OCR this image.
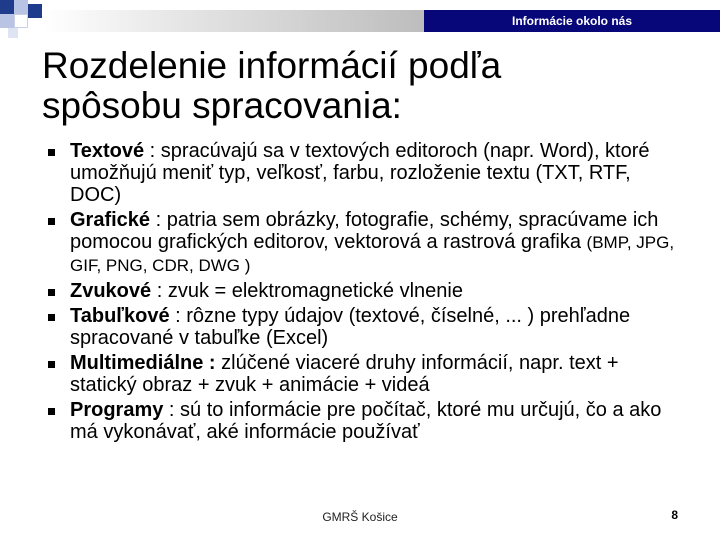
Informácie okolo nás
Rozdelenie informácií podľa
spôsobu spracovania:
Textové : spracúvajú sa v textových editoroch (napr. Word), ktoré umožňujú meniť typ, veľkosť, farbu, rozloženie textu (TXT, RTF, DOC)
Grafické : patria sem obrázky, fotografie, schémy, spracúvame ich pomocou grafických editorov, vektorová a rastrová grafika (BMP, JPG, GIF, PNG, CDR, DWG )
Zvukové : zvuk = elektromagnetické vlnenie
Tabuľkové : rôzne typy údajov (textové, číselné, ... ) prehľadne spracované v tabuľke (Excel)
Multimediálne : zlúčené viaceré druhy informácií, napr. text + statický obraz + zvuk + animácie + videá
Programy : sú to informácie pre počítač, ktoré mu určujú, čo a ako má vykonávať, aké informácie používať
GMRŠ Košice	8
